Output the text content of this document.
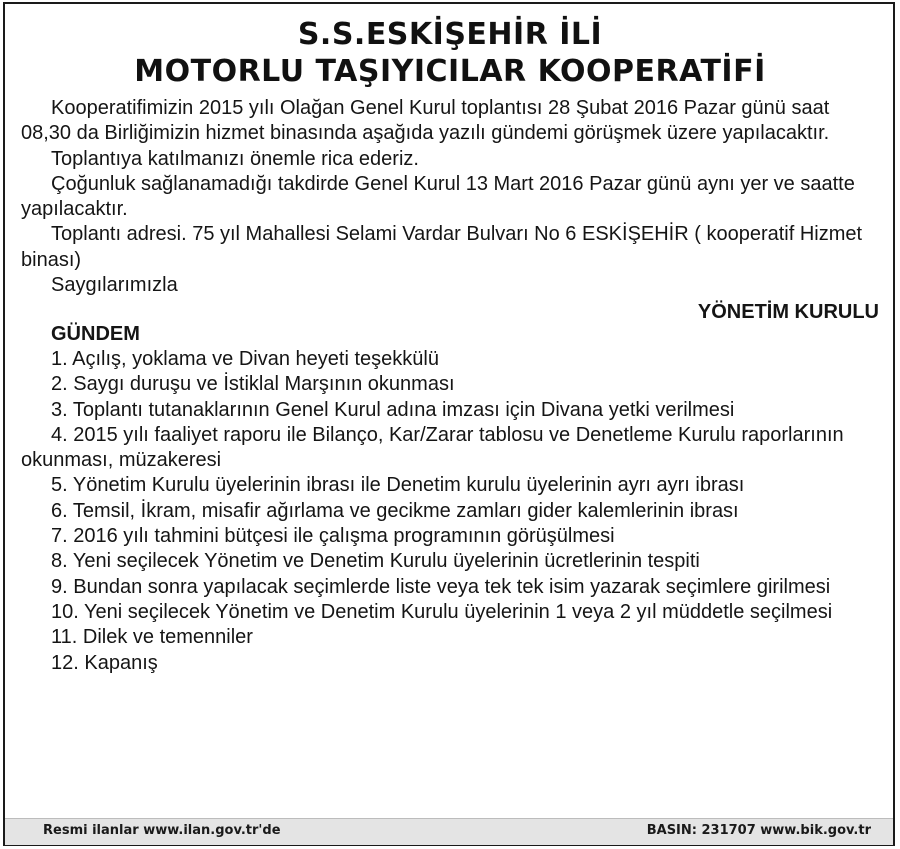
S.S.ESKİŞEHİR İLİ
MOTORLU TAŞIYICILAR KOOPERATİFİ

Kooperatifimizin 2015 yılı Olağan Genel Kurul toplantısı 28 Şubat 2016 Pazar günü saat 08,30 da Birliğimizin hizmet binasında aşağıda yazılı gündemi görüşmek üzere yapılacaktır.

Toplantıya katılmanızı önemle rica ederiz.

Çoğunluk sağlanamadığı takdirde Genel Kurul 13 Mart 2016 Pazar günü aynı yer ve saatte yapılacaktır.

Toplantı adresi. 75 yıl Mahallesi Selami Vardar Bulvarı No 6 ESKİŞEHİR ( kooperatif Hizmet binası)

Saygılarımızla

YÖNETİM KURULU
GÜNDEM
1. Açılış, yoklama ve Divan heyeti teşekkülü
2. Saygı duruşu ve İstiklal Marşının okunması
3. Toplantı tutanaklarının Genel Kurul adına imzası için Divana yetki verilmesi
4. 2015 yılı faaliyet raporu ile Bilanço, Kar/Zarar tablosu ve Denetleme Kurulu raporlarının okunması, müzakeresi
5. Yönetim Kurulu üyelerinin ibrası ile Denetim kurulu üyelerinin ayrı ayrı ibrası
6. Temsil, İkram, misafir ağırlama ve gecikme zamları gider kalemlerinin ibrası
7. 2016 yılı tahmini bütçesi ile çalışma programının görüşülmesi
8. Yeni seçilecek Yönetim ve Denetim Kurulu üyelerinin ücretlerinin tespiti
9. Bundan sonra yapılacak seçimlerde liste veya tek tek isim yazarak seçimlere girilmesi
10. Yeni seçilecek Yönetim ve Denetim Kurulu üyelerinin 1 veya 2 yıl müddetle seçilmesi
11. Dilek ve temenniler
12. Kapanış
Resmi ilanlar www.ilan.gov.tr'de	BASIN: 231707 www.bik.gov.tr
